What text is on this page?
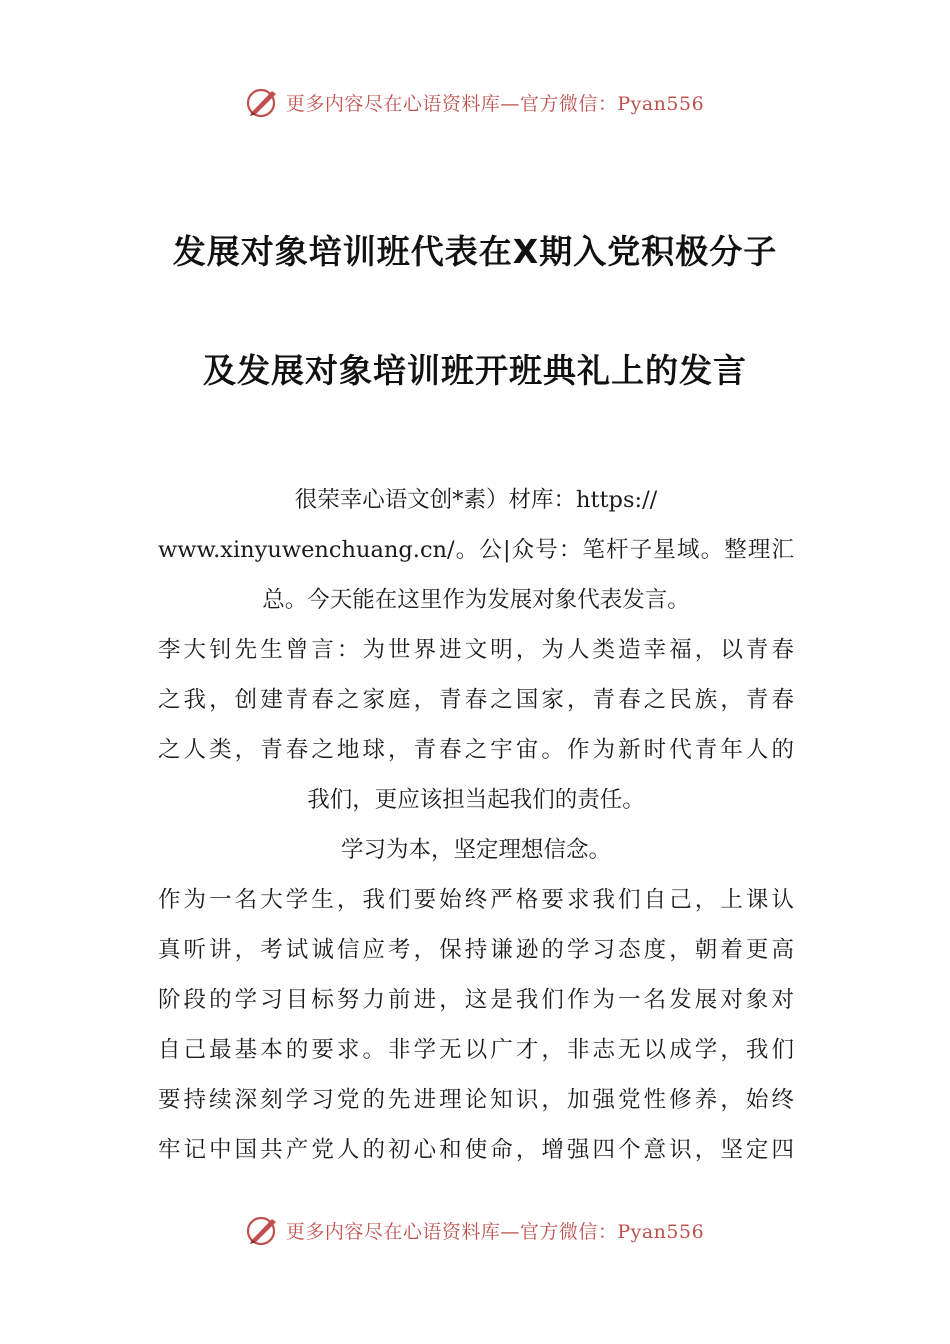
更多内容尽在心语资料库—官方微信：Pyan556
发展对象培训班代表在X期入党积极分子
及发展对象培训班开班典礼上的发言
很荣幸心语文创*素）材库：https://
www.xinyuwenchuang.cn/。公|众号：笔杆子星域。整理汇
总。今天能在这里作为发展对象代表发言。
李大钊先生曾言：为世界进文明，为人类造幸福，以青春
之我，创建青春之家庭，青春之国家，青春之民族，青春
之人类，青春之地球，青春之宇宙。作为新时代青年人的
我们，更应该担当起我们的责任。
学习为本，坚定理想信念。
作为一名大学生，我们要始终严格要求我们自己，上课认
真听讲，考试诚信应考，保持谦逊的学习态度，朝着更高
阶段的学习目标努力前进，这是我们作为一名发展对象对
自己最基本的要求。非学无以广才，非志无以成学，我们
要持续深刻学习党的先进理论知识，加强党性修养，始终
牢记中国共产党人的初心和使命，增强四个意识，坚定四
更多内容尽在心语资料库—官方微信：Pyan556
